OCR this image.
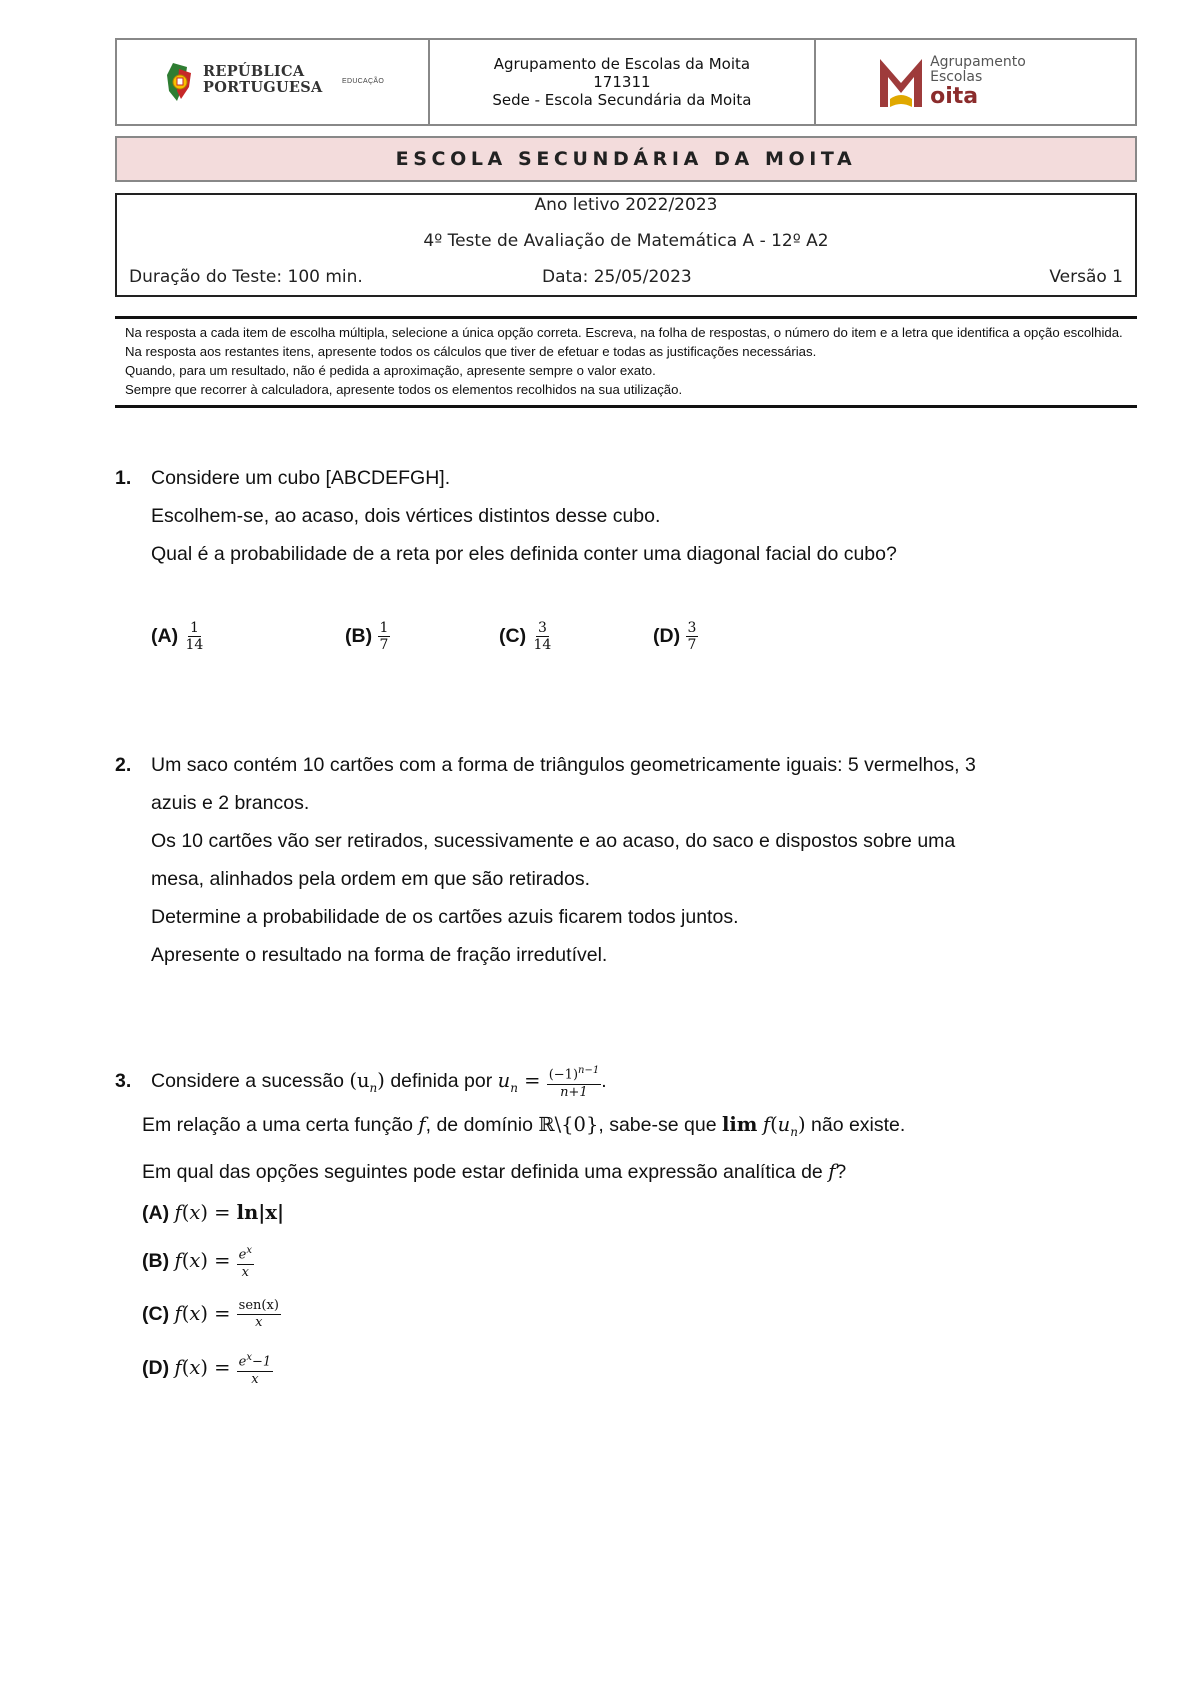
REPÚBLICA
PORTUGUESA	EDUCAÇÃO
Agrupamento de Escolas da Moita
171311
Sede - Escola Secundária da Moita
Agrupamento
Escolas
oita
ESCOLA SECUNDÁRIA DA MOITA
Ano letivo 2022/2023
4º Teste de Avaliação de Matemática A - 12º A2
Duração do Teste: 100 min.	Data: 25/05/2023	Versão 1
Na resposta a cada item de escolha múltipla, selecione a única opção correta. Escreva, na folha de respostas, o número do item e a letra que identifica a opção escolhida.
Na resposta aos restantes itens, apresente todos os cálculos que tiver de efetuar e todas as justificações necessárias.
Quando, para um resultado, não é pedida a aproximação, apresente sempre o valor exato.
Sempre que recorrer à calculadora, apresente todos os elementos recolhidos na sua utilização.
1. Considere um cubo [ABCDEFGH].
Escolhem-se, ao acaso, dois vértices distintos desse cubo.
Qual é a probabilidade de a reta por eles definida conter uma diagonal facial do cubo?
$(A) \frac{1}{14}$	$(B) \frac{1}{7}$	$(C) \frac{3}{14}$	$(D) \frac{3}{7}$
2. Um saco contém 10 cartões com a forma de triângulos geometricamente iguais: 5 vermelhos, 3
azuis e 2 brancos.
Os 10 cartões vão ser retirados, sucessivamente e ao acaso, do saco e dispostos sobre uma
mesa, alinhados pela ordem em que são retirados.
Determine a probabilidade de os cartões azuis ficarem todos juntos.
Apresente o resultado na forma de fração irredutível.
3. Considere a sucessão $(u_n)$ definida por $u_n = \frac{(-1)^{n-1}}{n+1}$ .
Em relação a uma certa função f, de domínio ℝ\{0}, sabe-se que $\lim f(u_n)$ não existe.
Em qual das opções seguintes pode estar definida uma expressão analítica de f?
(A) f(x) = ln|x|
(B) $f(x) = \frac{e^x}{x}$
(C) $f(x) = \frac{\text{sen(x)}}{x}$
(D) $f(x) = \frac{e^x-1}{x}$
